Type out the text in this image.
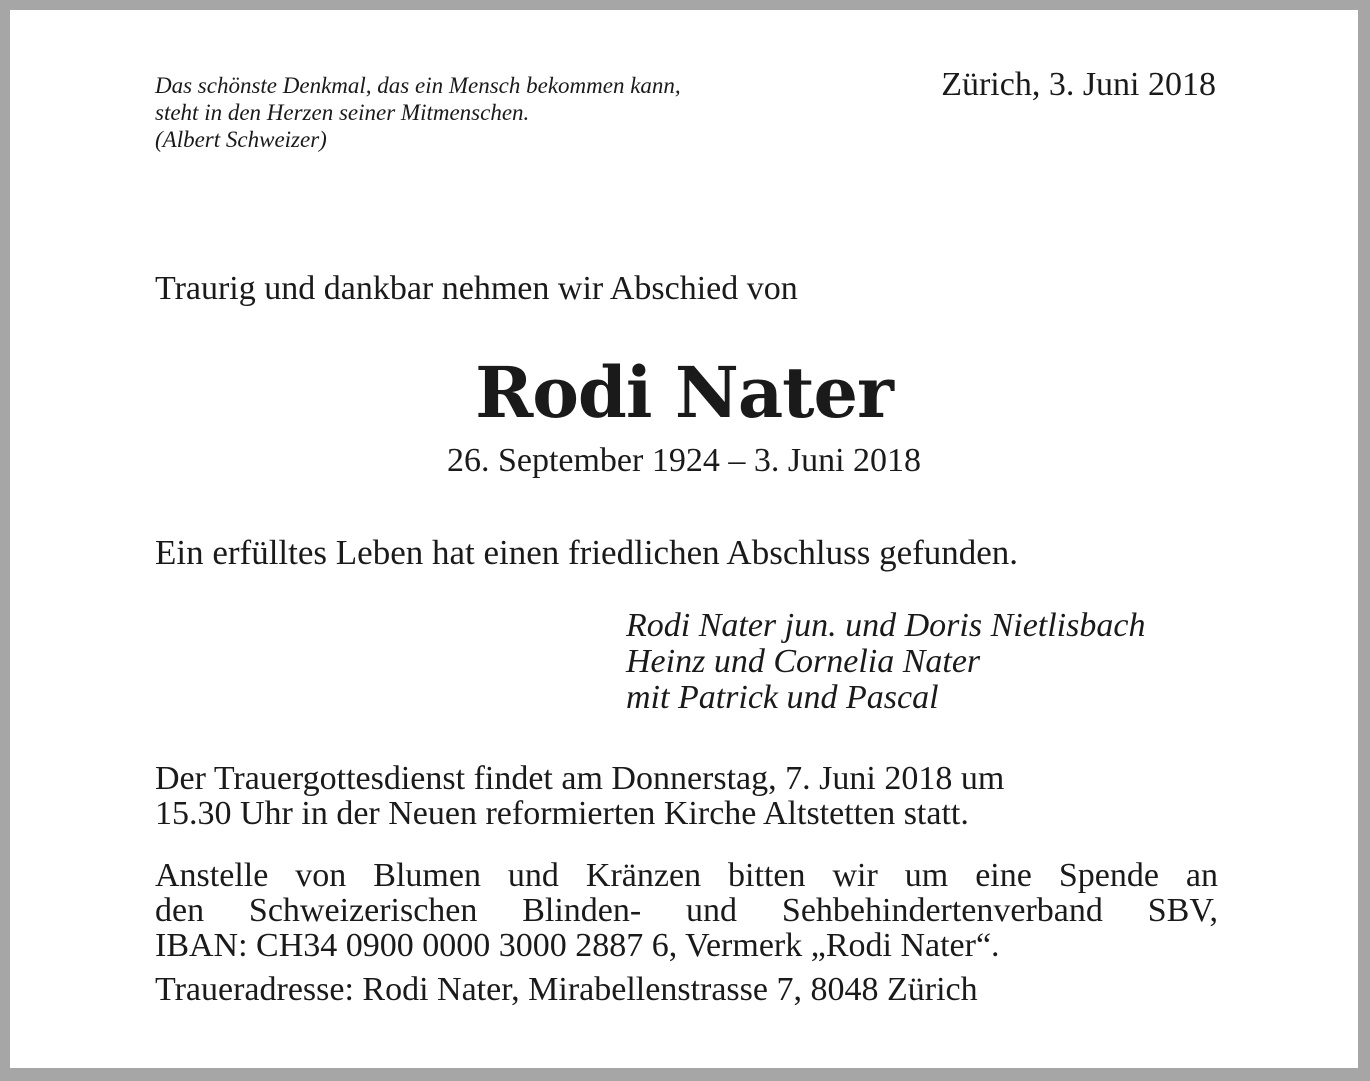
Das schönste Denkmal, das ein Mensch bekommen kann,
steht in den Herzen seiner Mitmenschen.
(Albert Schweizer)
Zürich, 3. Juni 2018
Traurig und dankbar nehmen wir Abschied von
Rodi Nater
26. September 1924 – 3. Juni 2018
Ein erfülltes Leben hat einen friedlichen Abschluss gefunden.
Rodi Nater jun. und Doris Nietlisbach
Heinz und Cornelia Nater
mit Patrick und Pascal
Der Trauergottesdienst findet am Donnerstag, 7. Juni 2018 um
15.30 Uhr in der Neuen reformierten Kirche Altstetten statt.
Anstelle von Blumen und Kränzen bitten wir um eine Spende an
den Schweizerischen Blinden- und Sehbehindertenverband SBV,
IBAN: CH34 0900 0000 3000 2887 6, Vermerk „Rodi Nater“.
Traueradresse: Rodi Nater, Mirabellenstrasse 7, 8048 Zürich
